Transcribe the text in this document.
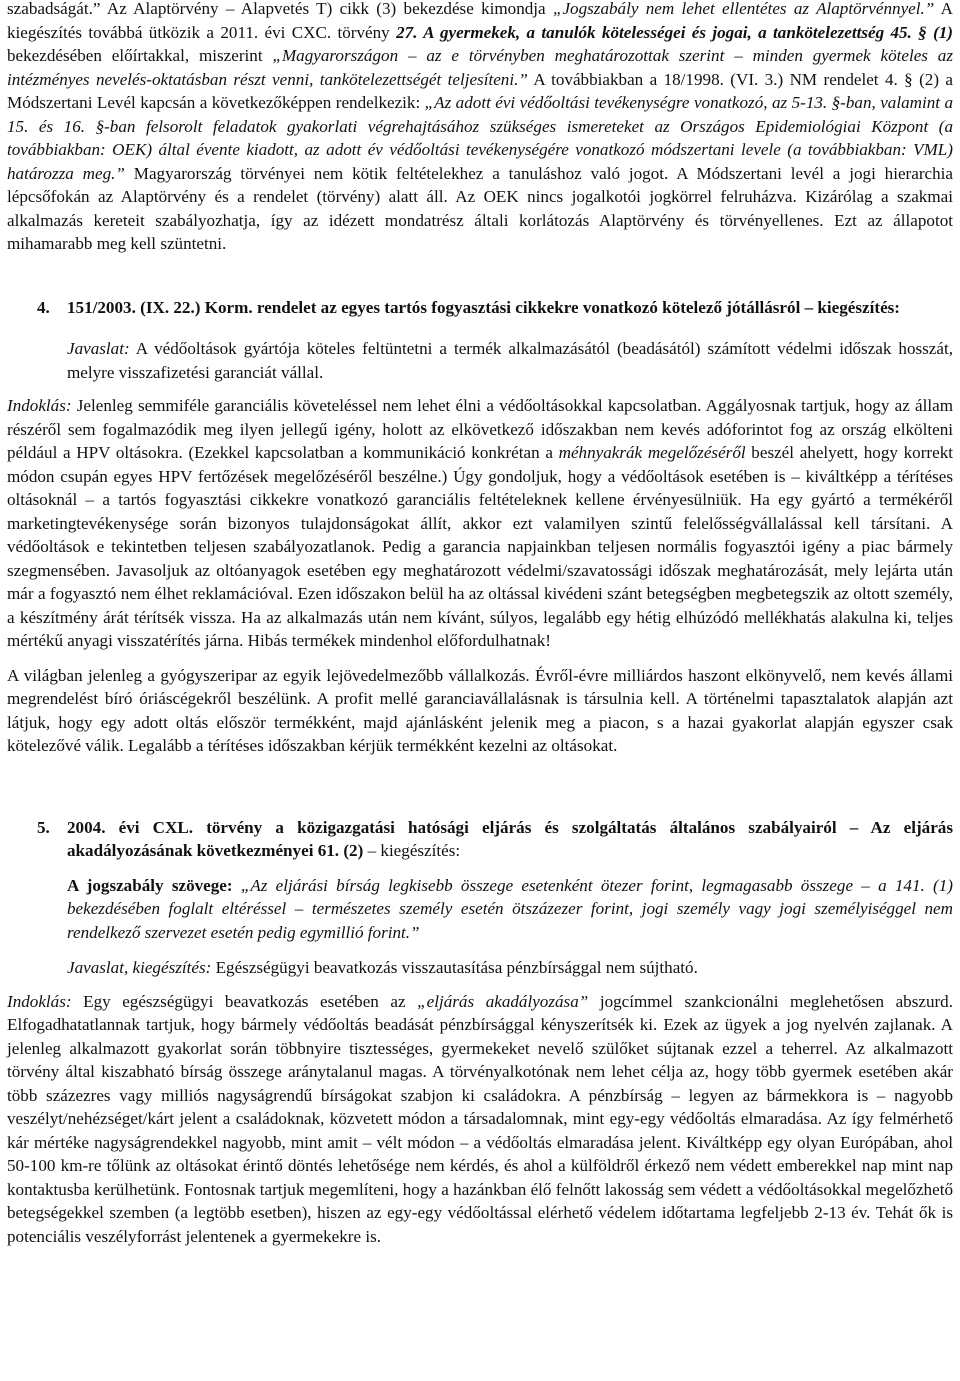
szabadságát.” Az Alaptörvény – Alapvetés T) cikk (3) bekezdése kimondja „Jogszabály nem lehet ellentétes az Alaptörvénnyel.” A kiegészítés továbbá ütközik a 2011. évi CXC. törvény 27. A gyermekek, a tanulók kötelességei és jogai, a tankötelezettség 45. § (1) bekezdésében előírtakkal, miszerint „Magyarországon – az e törvényben meghatározottak szerint – minden gyermek köteles az intézményes nevelés-oktatásban részt venni, tankötelezettségét teljesíteni.” A továbbiakban a 18/1998. (VI. 3.) NM rendelet 4. § (2) a Módszertani Levél kapcsán a következőképpen rendelkezik: „Az adott évi védőoltási tevékenységre vonatkozó, az 5-13. §-ban, valamint a 15. és 16. §-ban felsorolt feladatok gyakorlati végrehajtásához szükséges ismereteket az Országos Epidemiológiai Központ (a továbbiakban: OEK) által évente kiadott, az adott év védőoltási tevékenységére vonatkozó módszertani levele (a továbbiakban: VML) határozza meg.” Magyarország törvényei nem kötik feltételekhez a tanuláshoz való jogot. A Módszertani levél a jogi hierarchia lépcsőfokán az Alaptörvény és a rendelet (törvény) alatt áll. Az OEK nincs jogalkotói jogkörrel felruházva. Kizárólag a szakmai alkalmazás kereteit szabályozhatja, így az idézett mondatrész általi korlátozás Alaptörvény és törvényellenes. Ezt az állapotot mihamarabb meg kell szüntetni.

4.	151/2003. (IX. 22.) Korm. rendelet az egyes tartós fogyasztási cikkekre vonatkozó kötelező jótállásról – kiegészítés:

Javaslat: A védőoltások gyártója köteles feltüntetni a termék alkalmazásától (beadásától) számított védelmi időszak hosszát, melyre visszafizetési garanciát vállal.

Indoklás: Jelenleg semmiféle garanciális követeléssel nem lehet élni a védőoltásokkal kapcsolatban. Aggályosnak tartjuk, hogy az állam részéről sem fogalmazódik meg ilyen jellegű igény, holott az elkövetkező időszakban nem kevés adóforintot fog az ország elkölteni például a HPV oltásokra. (Ezekkel kapcsolatban a kommunikáció konkrétan a méhnyakrák megelőzéséről beszél ahelyett, hogy korrekt módon csupán egyes HPV fertőzések megelőzéséről beszélne.) Úgy gondoljuk, hogy a védőoltások esetében is – kiváltképp a térítéses oltásoknál – a tartós fogyasztási cikkekre vonatkozó garanciális feltételeknek kellene érvényesülniük. Ha egy gyártó a termékéről marketingtevékenysége során bizonyos tulajdonságokat állít, akkor ezt valamilyen szintű felelősségvállalással kell társítani. A védőoltások e tekintetben teljesen szabályozatlanok. Pedig a garancia napjainkban teljesen normális fogyasztói igény a piac bármely szegmensében. Javasoljuk az oltóanyagok esetében egy meghatározott védelmi/szavatossági időszak meghatározását, mely lejárta után már a fogyasztó nem élhet reklamációval. Ezen időszakon belül ha az oltással kivédeni szánt betegségben megbetegszik az oltott személy, a készítmény árát térítsék vissza. Ha az alkalmazás után nem kívánt, súlyos, legalább egy hétig elhúzódó mellékhatás alakulna ki, teljes mértékű anyagi visszatérítés járna. Hibás termékek mindenhol előfordulhatnak!

A világban jelenleg a gyógyszeripar az egyik lejövedelmezőbb vállalkozás. Évről-évre milliárdos haszont elkönyvelő, nem kevés állami megrendelést bíró óriáscégekről beszélünk. A profit mellé garanciavállalásnak is társulnia kell. A történelmi tapasztalatok alapján azt látjuk, hogy egy adott oltás először termékként, majd ajánlásként jelenik meg a piacon, s a hazai gyakorlat alapján egyszer csak kötelezővé válik. Legalább a térítéses időszakban kérjük termékként kezelni az oltásokat.

5.	2004. évi CXL. törvény a közigazgatási hatósági eljárás és szolgáltatás általános szabályairól – Az eljárás akadályozásának következményei 61. (2) – kiegészítés:

A jogszabály szövege: „Az eljárási bírság legkisebb összege esetenként ötezer forint, legmagasabb összege – a 141. (1) bekezdésében foglalt eltéréssel – természetes személy esetén ötszázezer forint, jogi személy vagy jogi személyiséggel nem rendelkező szervezet esetén pedig egymillió forint.”

Javaslat, kiegészítés: Egészségügyi beavatkozás visszautasítása pénzbírsággal nem sújtható.

Indoklás: Egy egészségügyi beavatkozás esetében az „eljárás akadályozása” jogcímmel szankcionálni meglehetősen abszurd. Elfogadhatatlannak tartjuk, hogy bármely védőoltás beadását pénzbírsággal kényszerítsék ki. Ezek az ügyek a jog nyelvén zajlanak. A jelenleg alkalmazott gyakorlat során többnyire tisztességes, gyermekeket nevelő szülőket sújtanak ezzel a teherrel. Az alkalmazott törvény által kiszabható bírság összege aránytalanul magas. A törvényalkotónak nem lehet célja az, hogy több gyermek esetében akár több százezres vagy milliós nagyságrendű bírságokat szabjon ki családokra. A pénzbírság – legyen az bármekkora is – nagyobb veszélyt/nehézséget/kárt jelent a családoknak, közvetett módon a társadalomnak, mint egy-egy védőoltás elmaradása. Az így felmérhető kár mértéke nagyságrendekkel nagyobb, mint amit – vélt módon – a védőoltás elmaradása jelent. Kiváltképp egy olyan Európában, ahol 50-100 km-re tőlünk az oltásokat érintő döntés lehetősége nem kérdés, és ahol a külföldről érkező nem védett emberekkel nap mint nap kontaktusba kerülhetünk. Fontosnak tartjuk megemlíteni, hogy a hazánkban élő felnőtt lakosság sem védett a védőoltásokkal megelőzhető betegségekkel szemben (a legtöbb esetben), hiszen az egy-egy védőoltással elérhető védelem időtartama legfeljebb 2-13 év. Tehát ők is potenciális veszélyforrást jelentenek a gyermekekre is.
